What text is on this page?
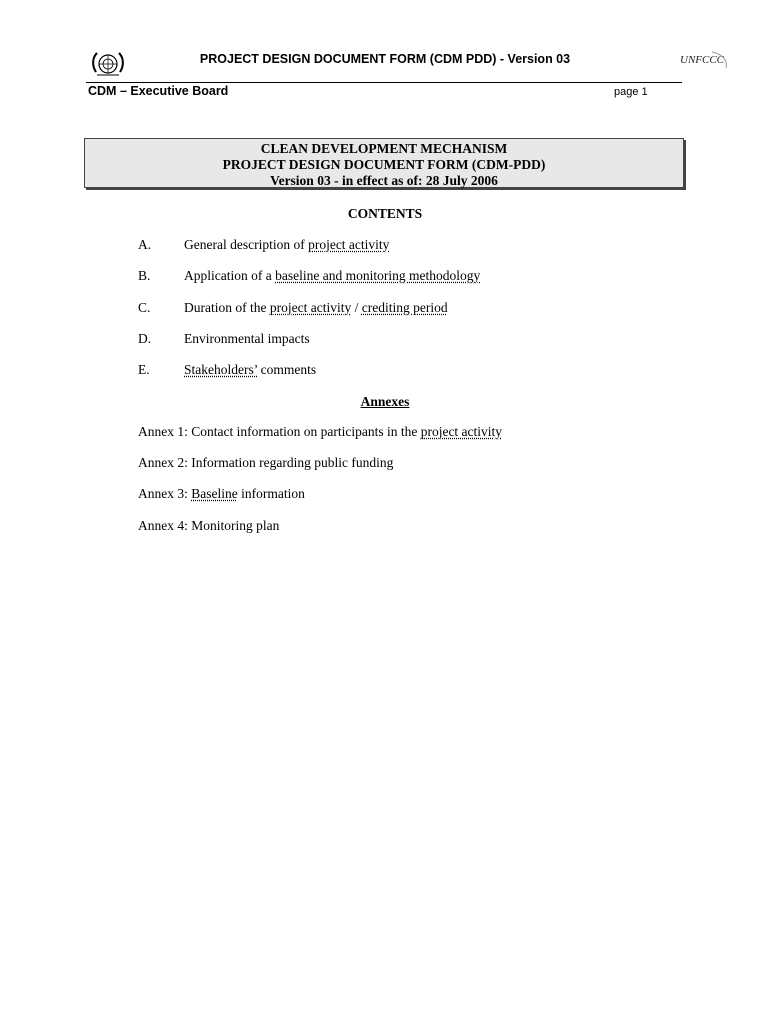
PROJECT DESIGN DOCUMENT FORM (CDM PDD) - Version 03	UNFCCC
CDM – Executive Board	page 1
CLEAN DEVELOPMENT MECHANISM
PROJECT DESIGN DOCUMENT FORM (CDM-PDD)
Version 03 - in effect as of: 28 July 2006
CONTENTS
A. General description of project activity
B. Application of a baseline and monitoring methodology
C. Duration of the project activity / crediting period
D. Environmental impacts
E.	Stakeholders’ comments
Annexes
Annex 1: Contact information on participants in the project activity
Annex 2: Information regarding public funding
Annex 3: Baseline information
Annex 4: Monitoring plan
